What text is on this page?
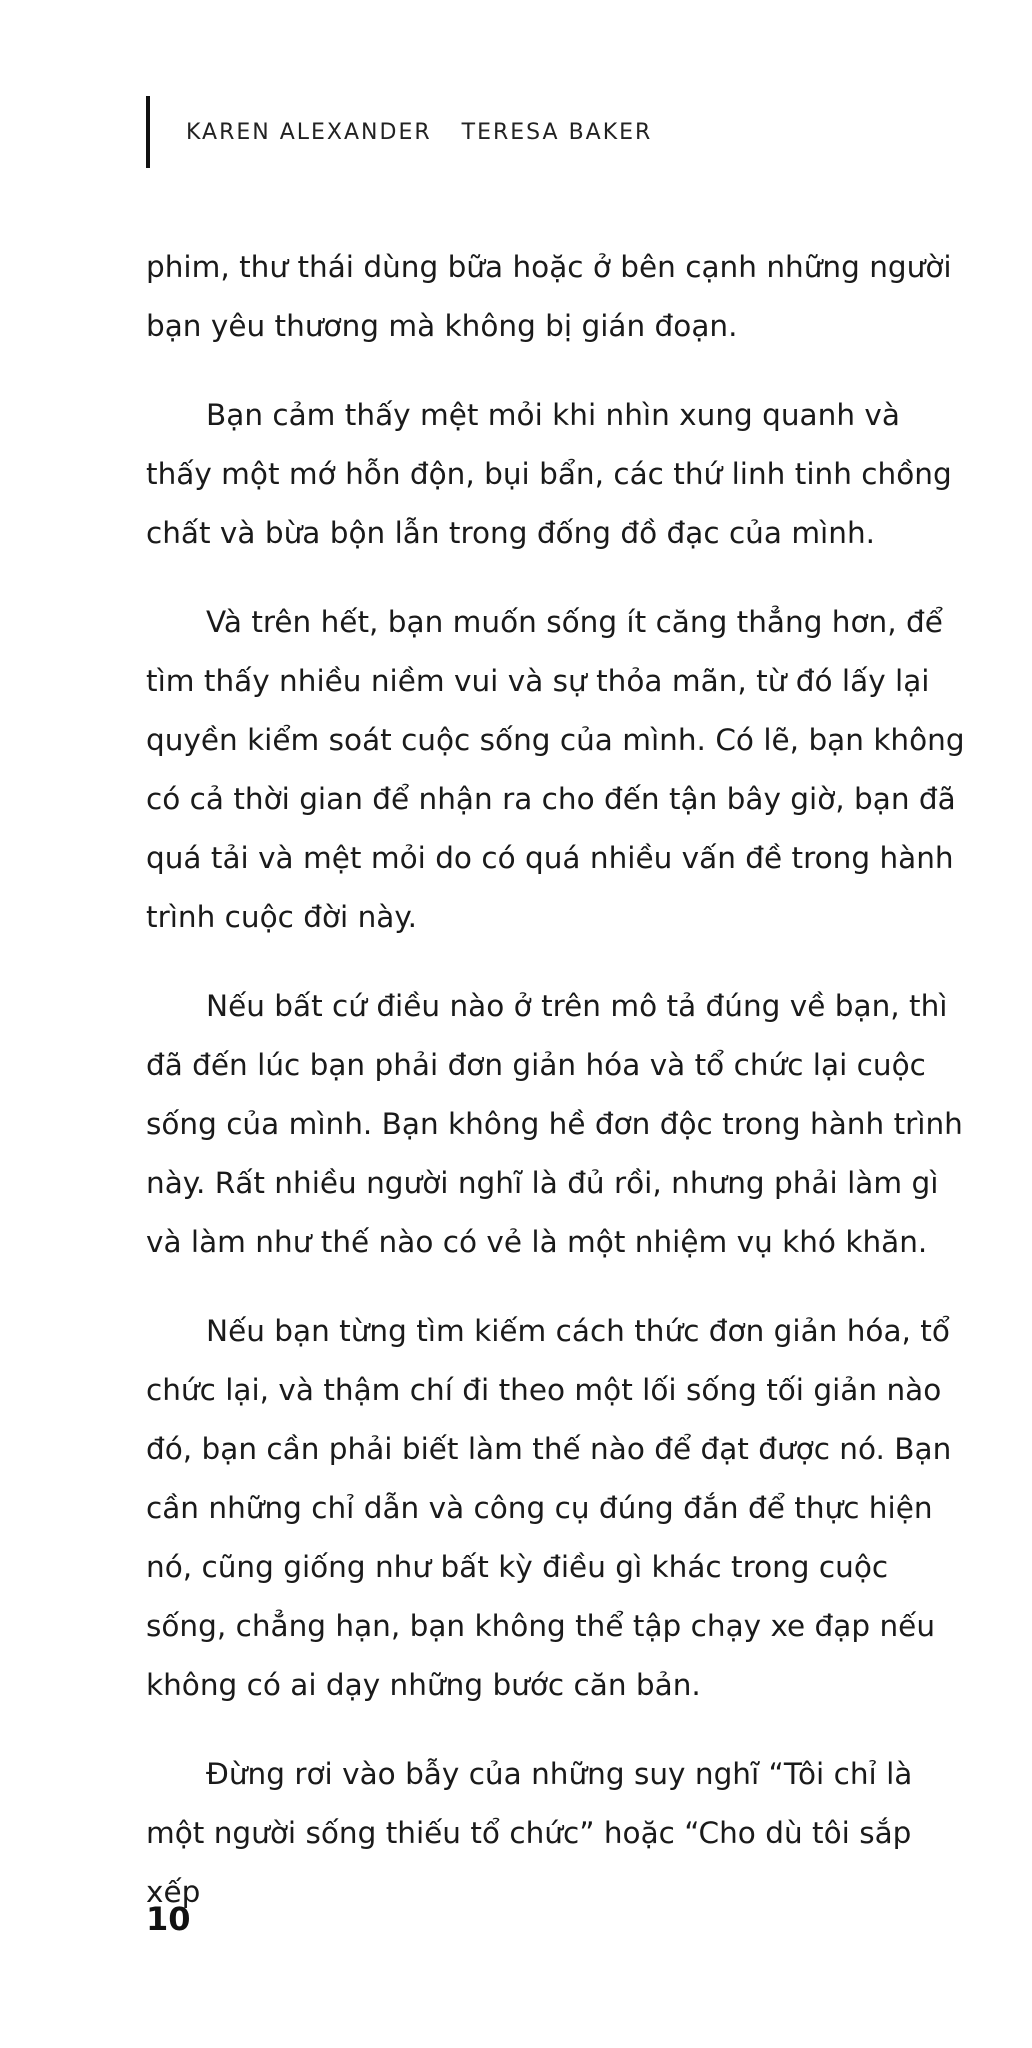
KAREN ALEXANDER TERESA BAKER

phim, thư thái dùng bữa hoặc ở bên cạnh những người bạn yêu thương mà không bị gián đoạn.

Bạn cảm thấy mệt mỏi khi nhìn xung quanh và thấy một mớ hỗn độn, bụi bẩn, các thứ linh tinh chồng chất và bừa bộn lẫn trong đống đồ đạc của mình.

Và trên hết, bạn muốn sống ít căng thẳng hơn, để tìm thấy nhiều niềm vui và sự thỏa mãn, từ đó lấy lại quyền kiểm soát cuộc sống của mình. Có lẽ, bạn không có cả thời gian để nhận ra cho đến tận bây giờ, bạn đã quá tải và mệt mỏi do có quá nhiều vấn đề trong hành trình cuộc đời này.

Nếu bất cứ điều nào ở trên mô tả đúng về bạn, thì đã đến lúc bạn phải đơn giản hóa và tổ chức lại cuộc sống của mình. Bạn không hề đơn độc trong hành trình này. Rất nhiều người nghĩ là đủ rồi, nhưng phải làm gì và làm như thế nào có vẻ là một nhiệm vụ khó khăn.

Nếu bạn từng tìm kiếm cách thức đơn giản hóa, tổ chức lại, và thậm chí đi theo một lối sống tối giản nào đó, bạn cần phải biết làm thế nào để đạt được nó. Bạn cần những chỉ dẫn và công cụ đúng đắn để thực hiện nó, cũng giống như bất kỳ điều gì khác trong cuộc sống, chẳng hạn, bạn không thể tập chạy xe đạp nếu không có ai dạy những bước căn bản.

Đừng rơi vào bẫy của những suy nghĩ “Tôi chỉ là một người sống thiếu tổ chức” hoặc “Cho dù tôi sắp xếp

10
